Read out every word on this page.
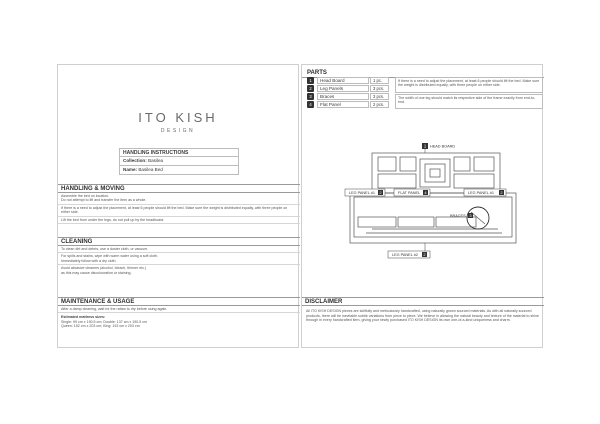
ITO KISH
DESIGN
HANDLING INSTRUCTIONS
Collection: Basilea
Name: Basilea Bed
HANDLING & MOVING
Assemble the bed on location.
Do not attempt to lift and transfer the item as a whole.
If there is a need to adjust the placement, at least 6 people should lift the bed. Make sure the weight is distributed equally, with three people on either side.
Lift the bed from under the legs, do not pull up by the headboard.
CLEANING
To clean dirt and debris, use a duster cloth, or vacuum.
For spills and stains, wipe with warm water using a soft cloth.
Immediately follow with a dry cloth.
Avoid abrasive cleaners (alcohol, bleach, thinner etc.)
as this may cause discolouration or staining.
MAINTENANCE & USAGE
After a damp cleaning, wait for the rattan to dry before using again.
Estimated mattress sizes:
Single: 99 cm x 190.5 cm; Double: 137 cm x 190.5 cm
Queen: 152 cm x 203 cm; King: 193 cm x 203 cm
PARTS
1	Head Board	1 pc.
2	Leg Panels	3 pcs.
3	Braces	3 pcs.
4	Flat Panel	2 pcs.
If there is a need to adjust the placement, at least 6 people should lift the bed. Make sure the weight is distributed equally, with three people on either side.
The width of one leg should match its respective side of the frame exactly from end-to-end.
1 HEAD BOARD
LEG PANEL #1 2	FLAT PANEL 4	LEG PANEL #1 2
BRACES 3
LEG PANEL #2 2
DISCLAIMER
All ITO KISH DESIGN pieces are skillfully and meticulously handcrafted, using naturally grown sourced materials. As with all naturally sourced products, there will be inevitable subtle variations from piece to piece. We believe in allowing the natural beauty and texture of the material to shine through in every handcrafted item, giving your newly purchased ITO KISH DESIGN its own one-of-a-kind uniqueness and charm.
